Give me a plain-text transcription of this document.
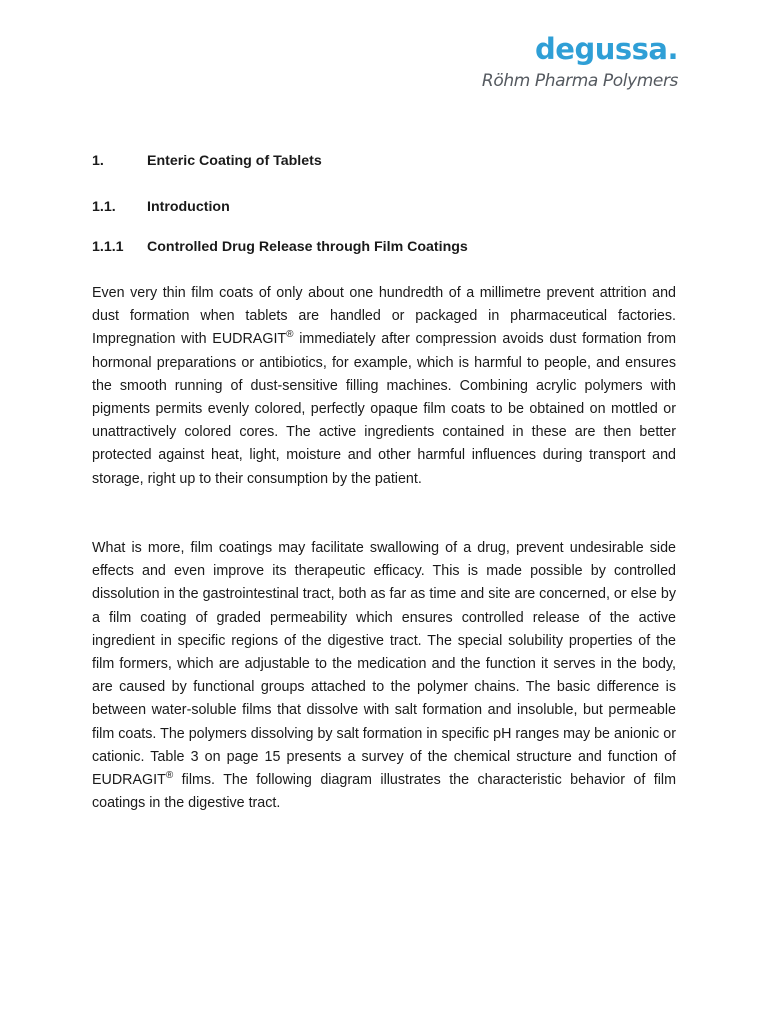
degussa.
Röhm Pharma Polymers
1.	Enteric Coating of Tablets
1.1. Introduction
1.1.1 Controlled Drug Release through Film Coatings

Even very thin film coats of only about one hundredth of a millimetre prevent attrition and dust formation when tablets are handled or packaged in pharmaceutical factories. Impregnation with EUDRAGIT® immediately after compression avoids dust formation from hormonal preparations or antibiotics, for example, which is harmful to people, and ensures the smooth running of dust-sensitive filling machines. Combining acrylic polymers with pigments permits evenly colored, perfectly opaque film coats to be obtained on mottled or unattractively colored cores. The active ingredients contained in these are then better protected against heat, light, moisture and other harmful influences during transport and storage, right up to their consumption by the patient.

What is more, film coatings may facilitate swallowing of a drug, prevent undesirable side effects and even improve its therapeutic efficacy. This is made possible by controlled dissolution in the gastrointestinal tract, both as far as time and site are concerned, or else by a film coating of graded permeability which ensures controlled release of the active ingredient in specific regions of the digestive tract. The special solubility properties of the film formers, which are adjustable to the medication and the function it serves in the body, are caused by functional groups attached to the polymer chains. The basic difference is between water-soluble films that dissolve with salt formation and insoluble, but permeable film coats. The polymers dissolving by salt formation in specific pH ranges may be anionic or cationic. Table 3 on page 15 presents a survey of the chemical structure and function of EUDRAGIT® films. The following diagram illustrates the characteristic behavior of film coatings in the digestive tract.
